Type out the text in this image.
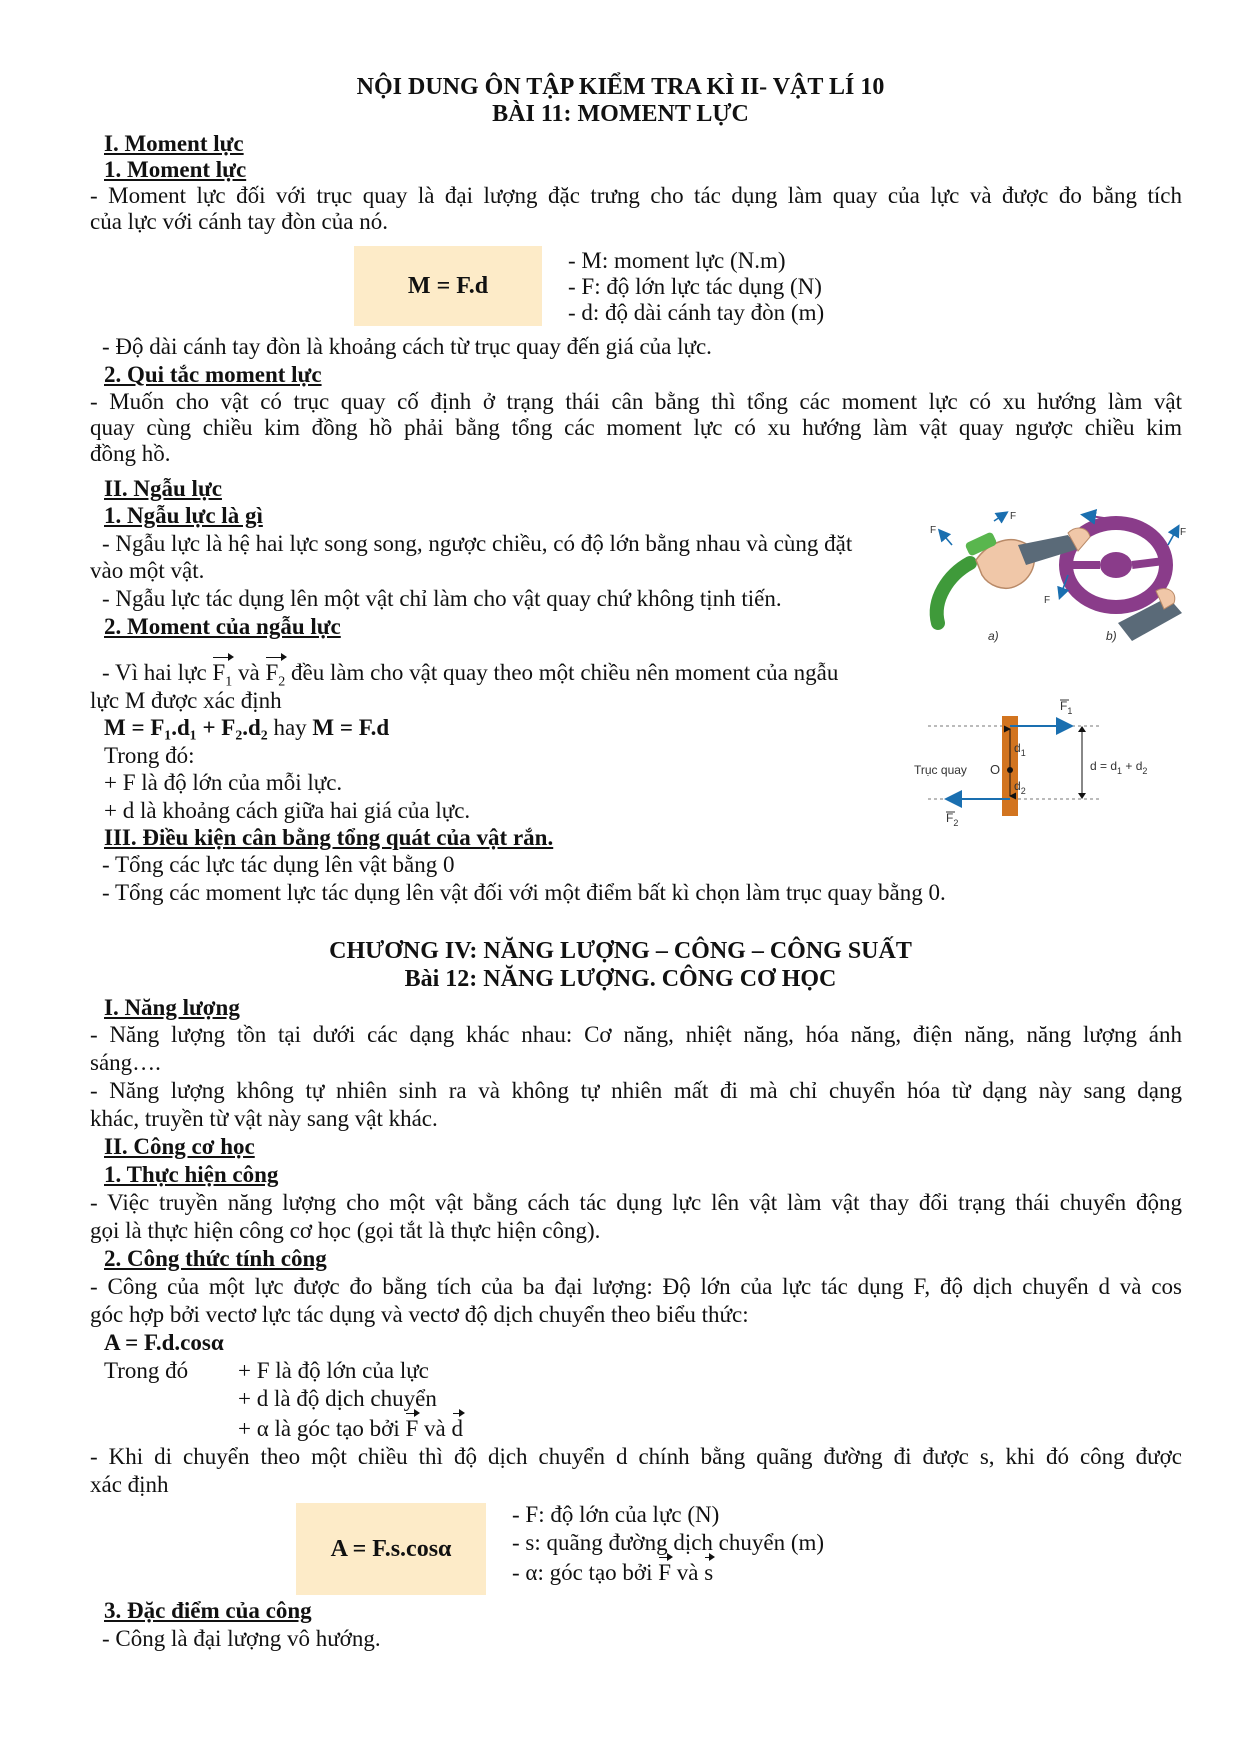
NỘI DUNG ÔN TẬP KIỂM TRA KÌ II- VẬT LÍ 10
BÀI 11: MOMENT LỰC
I. Moment lực
1. Moment lực
- Moment lực đối với trục quay là đại lượng đặc trưng cho tác dụng làm quay của lực và được đo bằng tích
của lực với cánh tay đòn của nó.
M = F.d
- M: moment lực (N.m)
- F: độ lớn lực tác dụng (N)
- d: độ dài cánh tay đòn (m)
- Độ dài cánh tay đòn là khoảng cách từ trục quay đến giá của lực.
2. Qui tắc moment lực
- Muốn cho vật có trục quay cố định ở trạng thái cân bằng thì tổng các moment lực có xu hướng làm vật
quay cùng chiều kim đồng hồ phải bằng tổng các moment lực có xu hướng làm vật quay ngược chiều kim
đồng hồ.
II. Ngẫu lực
1. Ngẫu lực là gì
- Ngẫu lực là hệ hai lực song song, ngược chiều, có độ lớn bằng nhau và cùng đặt
vào một vật.
- Ngẫu lực tác dụng lên một vật chỉ làm cho vật quay chứ không tịnh tiến.
2. Moment của ngẫu lực
F
F
a)
F
F
b)
- Vì hai lực $F_1$ và $F_2$ đều làm cho vật quay theo một chiều nên moment của ngẫu
lực M được xác định
M = F₁.d₁ + F₂.d₂ hay M = F.d
Trong đó:
+ F là độ lớn của mỗi lực.
+ d là khoảng cách giữa hai giá của lực.
Trục quay O
$d_1$
$d_2$
$d = d_1 + d_2$
$F_1$
$F_2$
III. Điều kiện cân bằng tổng quát của vật rắn.
- Tổng các lực tác dụng lên vật bằng 0
- Tổng các moment lực tác dụng lên vật đối với một điểm bất kì chọn làm trục quay bằng 0.
CHƯƠNG IV: NĂNG LƯỢNG – CÔNG – CÔNG SUẤT
Bài 12: NĂNG LƯỢNG. CÔNG CƠ HỌC
I. Năng lượng
- Năng lượng tồn tại dưới các dạng khác nhau: Cơ năng, nhiệt năng, hóa năng, điện năng, năng lượng ánh
sáng….
- Năng lượng không tự nhiên sinh ra và không tự nhiên mất đi mà chỉ chuyển hóa từ dạng này sang dạng
khác, truyền từ vật này sang vật khác.
II. Công cơ học
1. Thực hiện công
- Việc truyền năng lượng cho một vật bằng cách tác dụng lực lên vật làm vật thay đổi trạng thái chuyển động
gọi là thực hiện công cơ học (gọi tắt là thực hiện công).
2. Công thức tính công
- Công của một lực được đo bằng tích của ba đại lượng: Độ lớn của lực tác dụng F, độ dịch chuyển d và cos
góc hợp bởi vectơ lực tác dụng và vectơ độ dịch chuyển theo biểu thức:
A = F.d.cosα
Trong đó + F là độ lớn của lực
+ d là độ dịch chuyển
+ α là góc tạo bởi F và d
- Khi di chuyển theo một chiều thì độ dịch chuyển d chính bằng quãng đường đi được s, khi đó công được
xác định
A = F.s.cosα
- F: độ lớn của lực (N)
- s: quãng đường dịch chuyển (m)
- α: góc tạo bởi F và s
3. Đặc điểm của công
- Công là đại lượng vô hướng.
